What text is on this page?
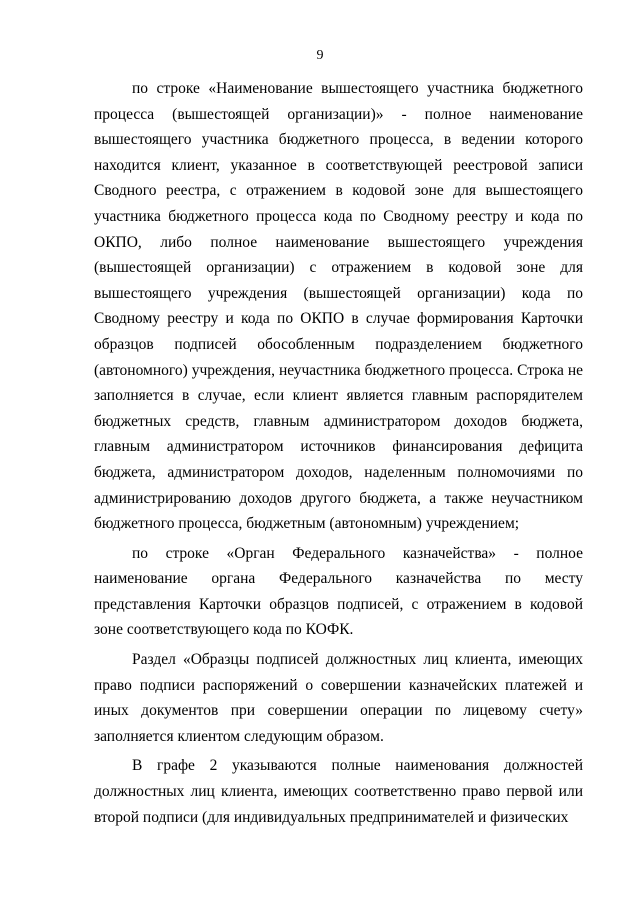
9

по строке «Наименование вышестоящего участника бюджетного процесса (вышестоящей организации)» - полное наименование вышестоящего участника бюджетного процесса, в ведении которого находится клиент, указанное в соответствующей реестровой записи Сводного реестра, с отражением в кодовой зоне для вышестоящего участника бюджетного процесса кода по Сводному реестру и кода по ОКПО, либо полное наименование вышестоящего учреждения (вышестоящей организации) с отражением в кодовой зоне для вышестоящего учреждения (вышестоящей организации) кода по Сводному реестру и кода по ОКПО в случае формирования Карточки образцов подписей обособленным подразделением бюджетного (автономного) учреждения, неучастника бюджетного процесса. Строка не заполняется в случае, если клиент является главным распорядителем бюджетных средств, главным администратором доходов бюджета, главным администратором источников финансирования дефицита бюджета, администратором доходов, наделенным полномочиями по администрированию доходов другого бюджета, а также неучастником бюджетного процесса, бюджетным (автономным) учреждением;

по строке «Орган Федерального казначейства» - полное наименование органа Федерального казначейства по месту представления Карточки образцов подписей, с отражением в кодовой зоне соответствующего кода по КОФК.

Раздел «Образцы подписей должностных лиц клиента, имеющих право подписи распоряжений о совершении казначейских платежей и иных документов при совершении операции по лицевому счету» заполняется клиентом следующим образом.

В графе 2 указываются полные наименования должностей должностных лиц клиента, имеющих соответственно право первой или второй подписи (для индивидуальных предпринимателей и физических
